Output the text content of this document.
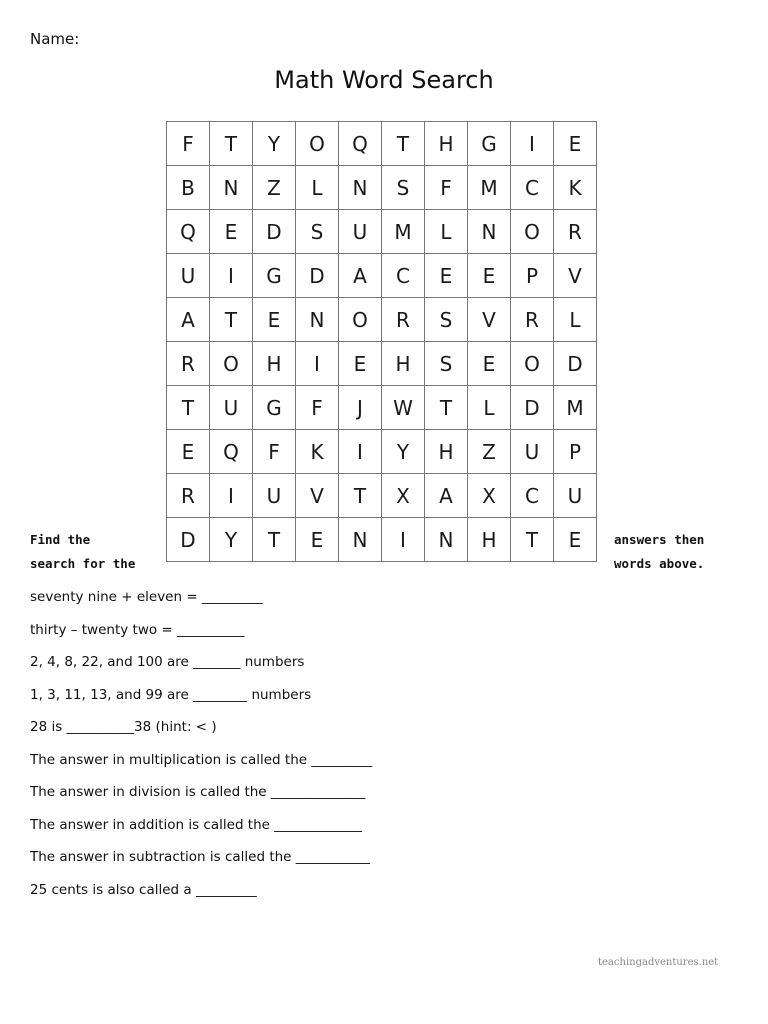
Name:
Math Word Search
F	T	Y	O	Q	T	H	G	I	E
B	N	Z	L	N	S	F	M	C	K
Q	E	D	S	U	M	L	N	O	R
U	I	G	D	A	C	E	E	P	V
A	T	E	N	O	R	S	V	R	L
R	O	H	I	E	H	S	E	O	D
T	U	G	F	J	W	T	L	D	M
E	Q	F	K	I	Y	H	Z	U	P
R	I	U	V	T	X	A	X	C	U
D	Y	T	E	N	I	N	H	T	E
Find the
search for the
answers then
words above.
seventy nine + eleven = _________
thirty – twenty two = __________
2, 4, 8, 22, and 100 are _______ numbers
1, 3, 11, 13, and 99 are ________ numbers
28 is __________38 (hint: < )
The answer in multiplication is called the _________
The answer in division is called the ______________
The answer in addition is called the _____________
The answer in subtraction is called the ___________
25 cents is also called a _________
teachingadventures.net
